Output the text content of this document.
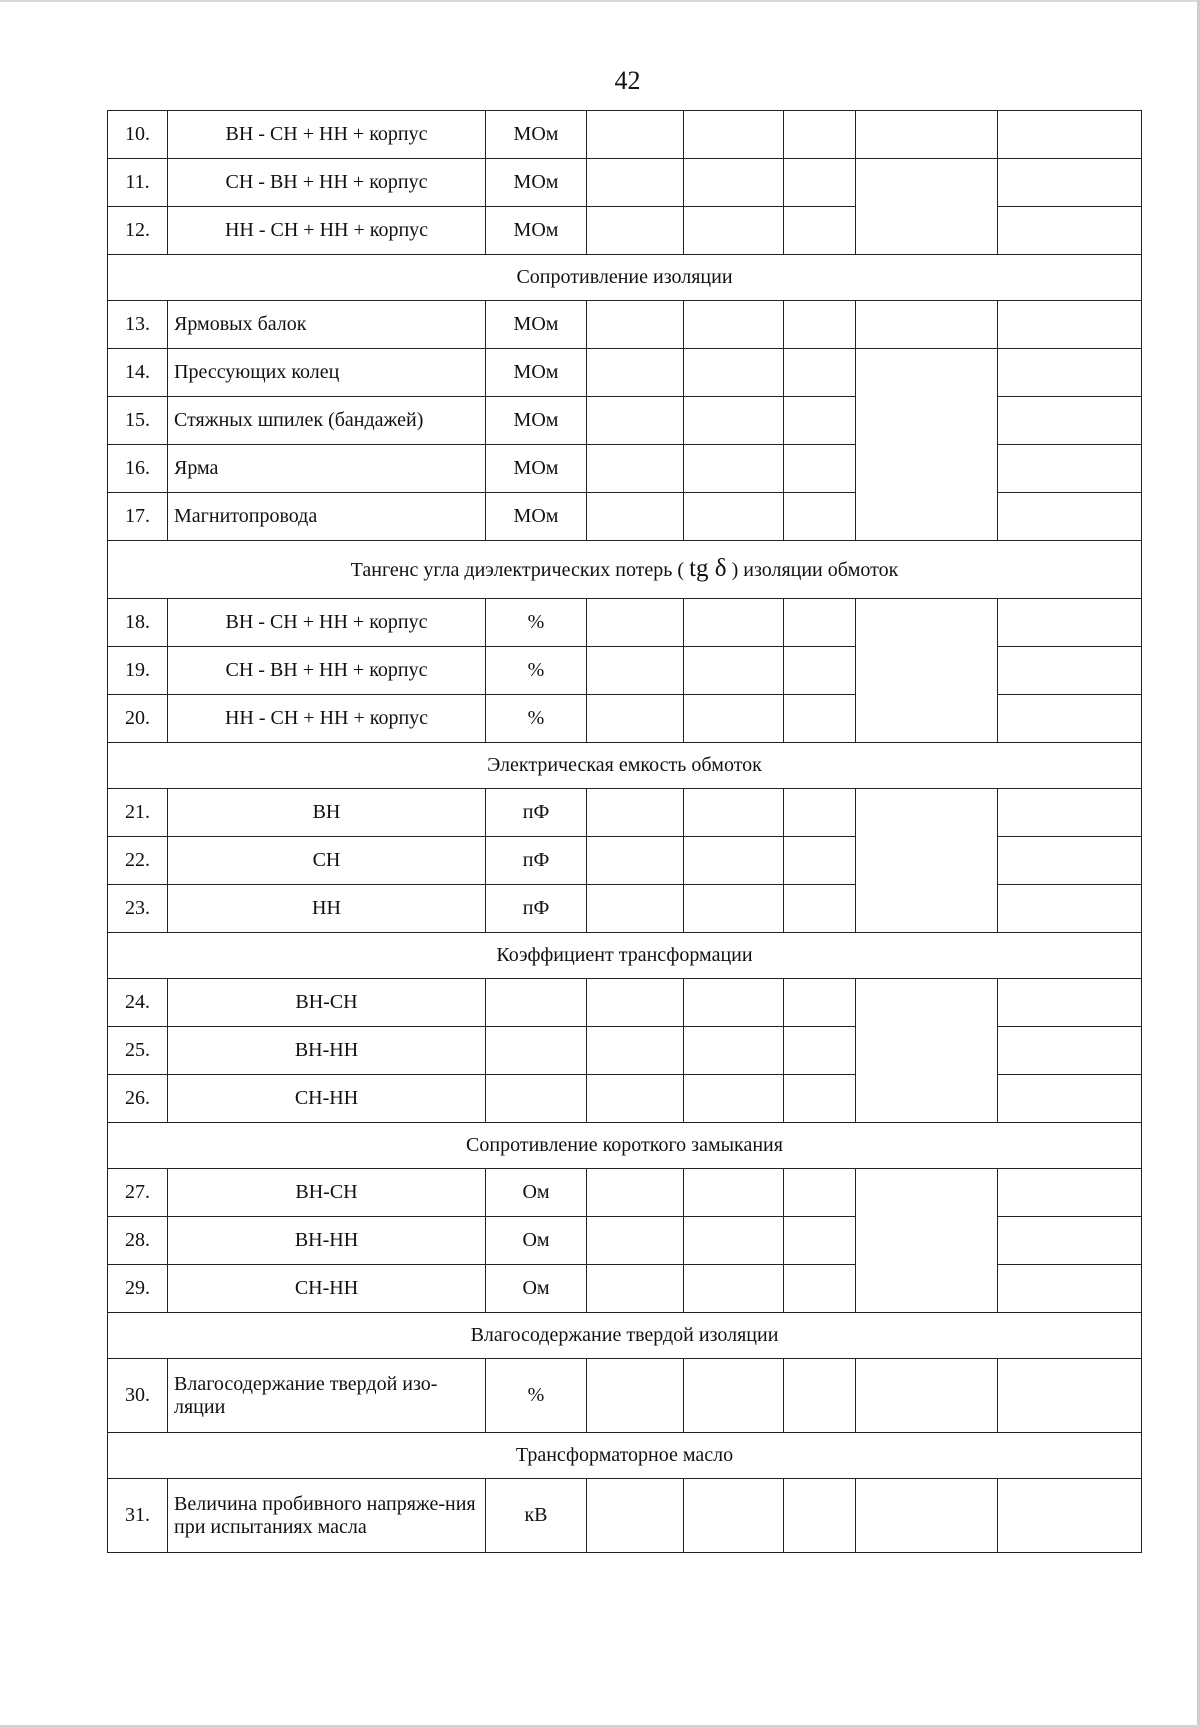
42
10.	ВН - СН + НН + корпус	МОм					
11.	СН - ВН + НН + корпус	МОм					
12.	НН - СН + НН + корпус	МОм					
Сопротивление изоляции							
13.	Ярмовых балок	МОм					
14.	Прессующих колец	МОм					
15.	Стяжных шпилек (бандажей)	МОм					
16.	Ярма	МОм					
17.	Магнитопровода	МОм					
Тангенс угла диэлектрических потерь ( tg δ ) изоляции обмоток							
18.	ВН - СН + НН + корпус	%					
19.	СН - ВН + НН + корпус	%					
20.	НН - СН + НН + корпус	%					
Электрическая емкость обмоток							
21.	ВН	пФ					
22.	СН	пФ					
23.	НН	пФ					
Коэффициент трансформации							
24.	ВН-СН						
25.	ВН-НН						
26.	СН-НН						
Сопротивление короткого замыкания							
27.	ВН-СН	Ом					
28.	ВН-НН	Ом					
29.	СН-НН	Ом					
Влагосодержание твердой изоляции							
30.	Влагосодержание твердой изо-ляции	%					
Трансформаторное масло							
31.	Величина пробивного напряже-ния при испытаниях масла	кВ					
